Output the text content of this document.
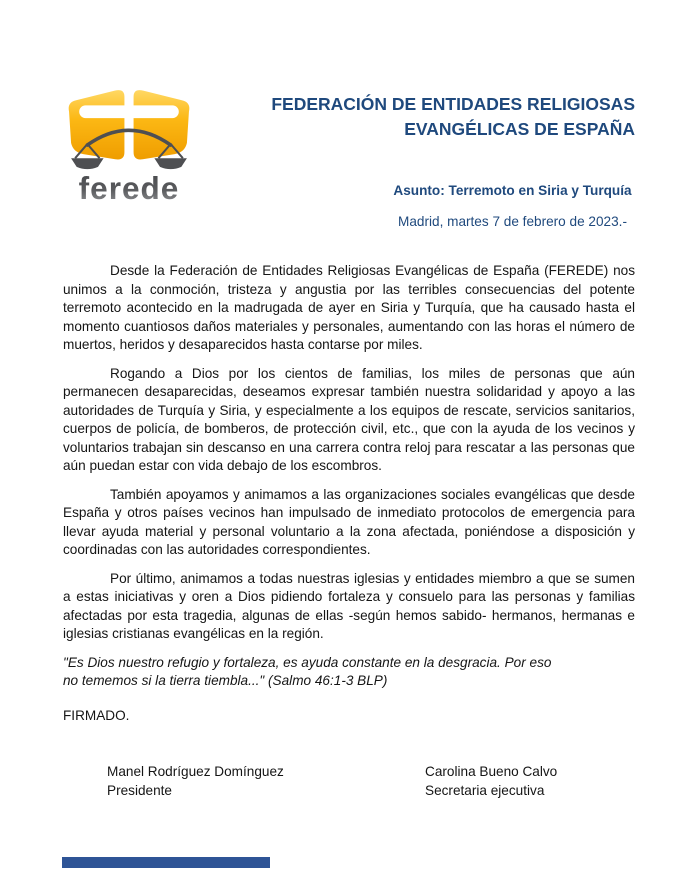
ferede
FEDERACIÓN DE ENTIDADES RELIGIOSAS
EVANGÉLICAS DE ESPAÑA
Asunto: Terremoto en Siria y Turquía
Madrid, martes 7 de febrero de 2023.-

Desde la Federación de Entidades Religiosas Evangélicas de España (FEREDE) nos unimos a la conmoción, tristeza y angustia por las terribles consecuencias del potente terremoto acontecido en la madrugada de ayer en Siria y Turquía, que ha causado hasta el momento cuantiosos daños materiales y personales, aumentando con las horas el número de muertos, heridos y desaparecidos hasta contarse por miles.

Rogando a Dios por los cientos de familias, los miles de personas que aún permanecen desaparecidas, deseamos expresar también nuestra solidaridad y apoyo a las autoridades de Turquía y Siria, y especialmente a los equipos de rescate, servicios sanitarios, cuerpos de policía, de bomberos, de protección civil, etc., que con la ayuda de los vecinos y voluntarios trabajan sin descanso en una carrera contra reloj para rescatar a las personas que aún puedan estar con vida debajo de los escombros.

También apoyamos y animamos a las organizaciones sociales evangélicas que desde España y otros países vecinos han impulsado de inmediato protocolos de emergencia para llevar ayuda material y personal voluntario a la zona afectada, poniéndose a disposición y coordinadas con las autoridades correspondientes.

Por último, animamos a todas nuestras iglesias y entidades miembro a que se sumen a estas iniciativas y oren a Dios pidiendo fortaleza y consuelo para las personas y familias afectadas por esta tragedia, algunas de ellas -según hemos sabido- hermanos, hermanas e iglesias cristianas evangélicas en la región.

"Es Dios nuestro refugio y fortaleza, es ayuda constante en la desgracia. Por eso no tememos si la tierra tiembla..." (Salmo 46:1-3 BLP)

FIRMADO.
Manel Rodríguez Domínguez
Presidente
Carolina Bueno Calvo
Secretaria ejecutiva
